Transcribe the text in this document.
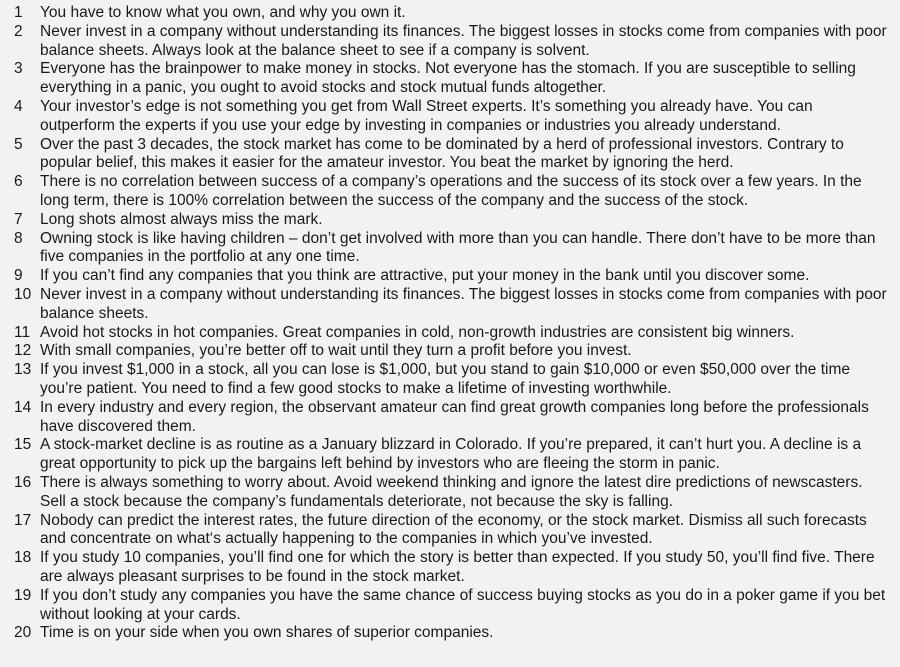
1	You have to know what you own, and why you own it.
2	Never invest in a company without understanding its finances. The biggest losses in stocks come from companies with poor balance sheets. Always look at the balance sheet to see if a company is solvent.
3	Everyone has the brainpower to make money in stocks. Not everyone has the stomach. If you are susceptible to selling everything in a panic, you ought to avoid stocks and stock mutual funds altogether.
4	Your investor’s edge is not something you get from Wall Street experts. It’s something you already have. You can outperform the experts if you use your edge by investing in companies or industries you already understand.
5	Over the past 3 decades, the stock market has come to be dominated by a herd of professional investors. Contrary to popular belief, this makes it easier for the amateur investor. You beat the market by ignoring the herd.
6	There is no correlation between success of a company’s operations and the success of its stock over a few years. In the long term, there is 100% correlation between the success of the company and the success of the stock.
7	Long shots almost always miss the mark.
8	Owning stock is like having children – don’t get involved with more than you can handle. There don’t have to be more than five companies in the portfolio at any one time.
9	If you can’t find any companies that you think are attractive, put your money in the bank until you discover some.
10 Never invest in a company without understanding its finances. The biggest losses in stocks come from companies with poor balance sheets.
11 Avoid hot stocks in hot companies. Great companies in cold, non-growth industries are consistent big winners.
12 With small companies, you’re better off to wait until they turn a profit before you invest.
13 If you invest $1,000 in a stock, all you can lose is $1,000, but you stand to gain $10,000 or even $50,000 over the time you’re patient. You need to find a few good stocks to make a lifetime of investing worthwhile.
14 In every industry and every region, the observant amateur can find great growth companies long before the professionals have discovered them.
15 A stock-market decline is as routine as a January blizzard in Colorado. If you’re prepared, it can’t hurt you. A decline is a great opportunity to pick up the bargains left behind by investors who are fleeing the storm in panic.
16 There is always something to worry about. Avoid weekend thinking and ignore the latest dire predictions of newscasters. Sell a stock because the company’s fundamentals deteriorate, not because the sky is falling.
17 Nobody can predict the interest rates, the future direction of the economy, or the stock market. Dismiss all such forecasts and concentrate on what‘s actually happening to the companies in which you’ve invested.
18 If you study 10 companies, you’ll find one for which the story is better than expected. If you study 50, you’ll find five. There are always pleasant surprises to be found in the stock market.
19 If you don’t study any companies you have the same chance of success buying stocks as you do in a poker game if you bet without looking at your cards.
20 Time is on your side when you own shares of superior companies.
